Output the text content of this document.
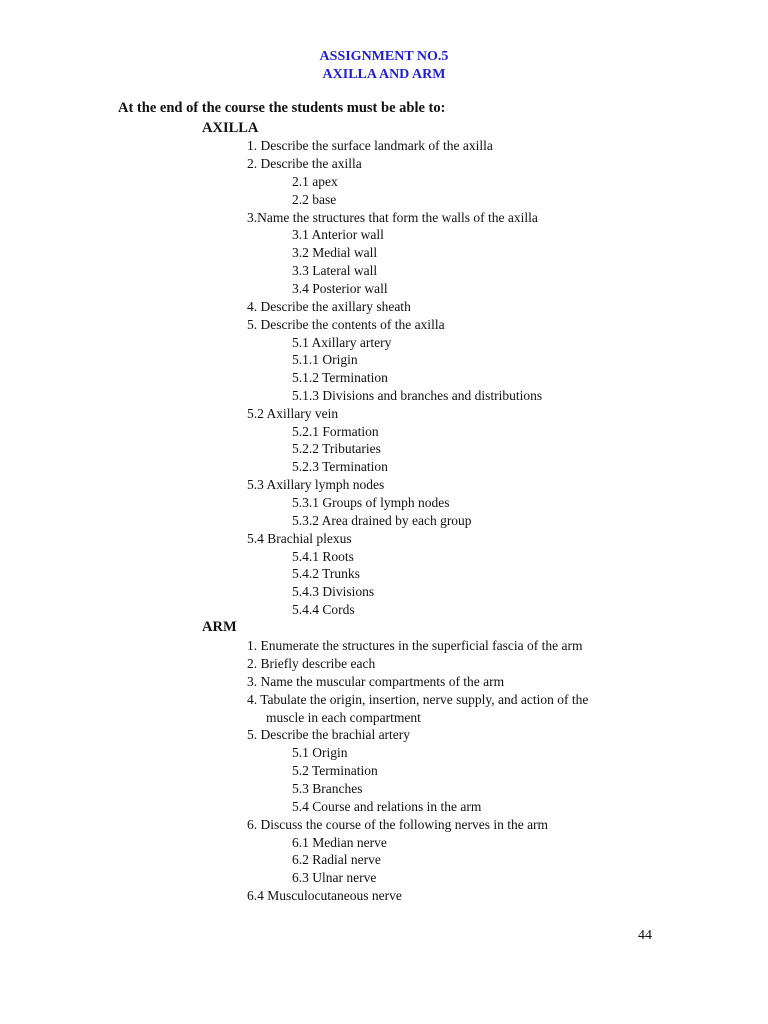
ASSIGNMENT NO.5
AXILLA AND ARM
At the end of the course the students must be able to:
AXILLA
1. Describe the surface landmark of the axilla
2. Describe the axilla
2.1 apex
2.2 base
3.Name the structures that form the walls of the axilla
3.1 Anterior wall
3.2 Medial wall
3.3 Lateral wall
3.4 Posterior wall
4. Describe the axillary sheath
5. Describe the contents of the axilla
5.1 Axillary artery
5.1.1 Origin
5.1.2 Termination
5.1.3 Divisions and branches and distributions
5.2 Axillary vein
5.2.1 Formation
5.2.2 Tributaries
5.2.3 Termination
5.3 Axillary lymph nodes
5.3.1 Groups of lymph nodes
5.3.2 Area drained by each group
5.4 Brachial plexus
5.4.1 Roots
5.4.2 Trunks
5.4.3 Divisions
5.4.4 Cords
ARM
1. Enumerate the structures in the superficial fascia of the arm
2. Briefly describe each
3. Name the muscular compartments of the arm
4. Tabulate the origin, insertion, nerve supply, and action of the
muscle in each compartment
5. Describe the brachial artery
5.1 Origin
5.2 Termination
5.3 Branches
5.4 Course and relations in the arm
6. Discuss the course of the following nerves in the arm
6.1 Median nerve
6.2 Radial nerve
6.3 Ulnar nerve
6.4 Musculocutaneous nerve
44
